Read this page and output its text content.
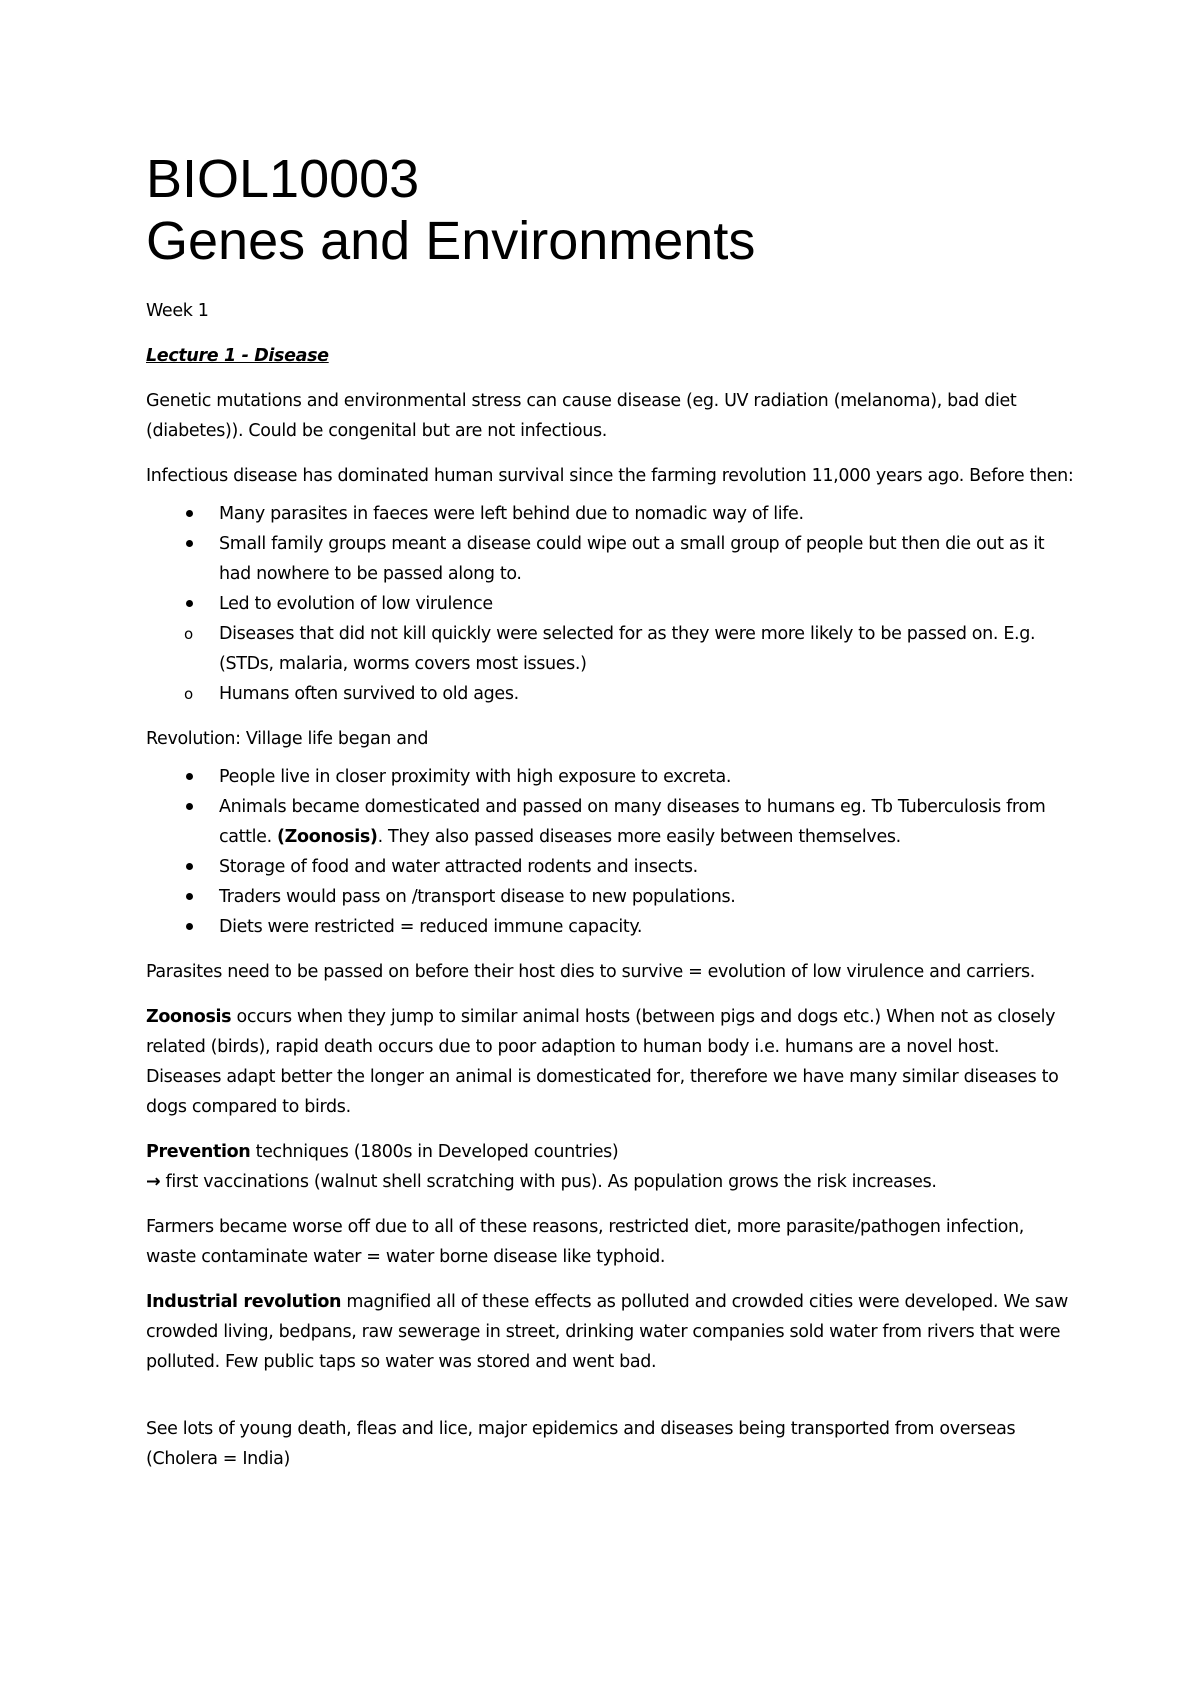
BIOL10003
Genes and Environments

Week 1

Lecture 1 - Disease

Genetic mutations and environmental stress can cause disease (eg. UV radiation (melanoma), bad diet (diabetes)). Could be congenital but are not infectious.

Infectious disease has dominated human survival since the farming revolution 11,000 years ago. Before then:

Many parasites in faeces were left behind due to nomadic way of life.
Small family groups meant a disease could wipe out a small group of people but then die out as it had nowhere to be passed along to.
Led to evolution of low virulence
o	Diseases that did not kill quickly were selected for as they were more likely to be passed on. E.g. (STDs, malaria, worms covers most issues.)
o	Humans often survived to old ages.

Revolution: Village life began and

People live in closer proximity with high exposure to excreta.
Animals became domesticated and passed on many diseases to humans eg. Tb Tuberculosis from cattle. (Zoonosis). They also passed diseases more easily between themselves.
Storage of food and water attracted rodents and insects.
Traders would pass on /transport disease to new populations.
Diets were restricted = reduced immune capacity.

Parasites need to be passed on before their host dies to survive = evolution of low virulence and carriers.

Zoonosis occurs when they jump to similar animal hosts (between pigs and dogs etc.) When not as closely related (birds), rapid death occurs due to poor adaption to human body i.e. humans are a novel host. Diseases adapt better the longer an animal is domesticated for, therefore we have many similar diseases to dogs compared to birds.

Prevention techniques (1800s in Developed countries)
→ first vaccinations (walnut shell scratching with pus). As population grows the risk increases.

Farmers became worse off due to all of these reasons, restricted diet, more parasite/pathogen infection, waste contaminate water = water borne disease like typhoid.

Industrial revolution magnified all of these effects as polluted and crowded cities were developed. We saw crowded living, bedpans, raw sewerage in street, drinking water companies sold water from rivers that were polluted. Few public taps so water was stored and went bad.

See lots of young death, fleas and lice, major epidemics and diseases being transported from overseas (Cholera = India)
